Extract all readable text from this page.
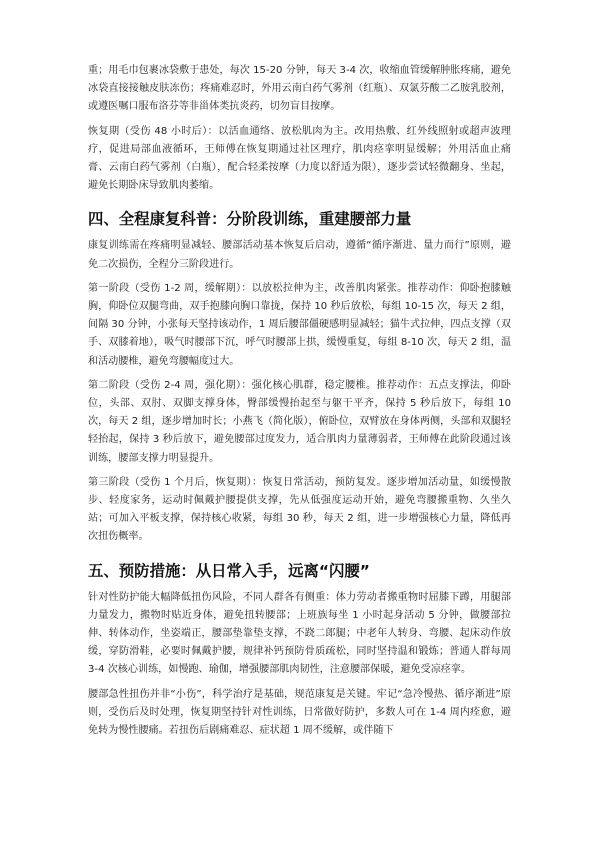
重；用毛巾包裹冰袋敷于患处，每次 15-20 分钟，每天 3-4 次，收缩血管缓解肿胀疼痛，避免冰袋直接接触皮肤冻伤；疼痛难忍时，外用云南白药气雾剂（红瓶）、双氯芬酸二乙胺乳胶剂，或遵医嘱口服布洛芬等非甾体类抗炎药，切勿盲目按摩。

恢复期（受伤 48 小时后）：以活血通络、放松肌肉为主。改用热敷、红外线照射或超声波理疗，促进局部血液循环，王师傅在恢复期通过社区理疗，肌肉痉挛明显缓解；外用活血止痛膏、云南白药气雾剂（白瓶），配合轻柔按摩（力度以舒适为限），逐步尝试轻微翻身、坐起，避免长期卧床导致肌肉萎缩。

四、全程康复科普：分阶段训练，重建腰部力量

康复训练需在疼痛明显减轻、腰部活动基本恢复后启动，遵循“循序渐进、量力而行”原则，避免二次损伤，全程分三阶段进行。

第一阶段（受伤 1-2 周，缓解期）：以放松拉伸为主，改善肌肉紧张。推荐动作：仰卧抱膝触胸，仰卧位双腿弯曲，双手抱膝向胸口靠拢，保持 10 秒后放松，每组 10-15 次，每天 2 组，间隔 30 分钟，小张每天坚持该动作，1 周后腰部僵硬感明显减轻；猫牛式拉伸，四点支撑（双手、双膝着地），吸气时腰部下沉，呼气时腰部上拱，缓慢重复，每组 8-10 次，每天 2 组，温和活动腰椎，避免弯腰幅度过大。

第二阶段（受伤 2-4 周，强化期）：强化核心肌群，稳定腰椎。推荐动作：五点支撑法，仰卧位，头部、双肘、双脚支撑身体，臀部缓慢抬起至与躯干平齐，保持 5 秒后放下，每组 10 次，每天 2 组，逐步增加时长；小燕飞（简化版），俯卧位，双臂放在身体两侧，头部和双腿轻轻抬起，保持 3 秒后放下，避免腰部过度发力，适合肌肉力量薄弱者，王师傅在此阶段通过该训练，腰部支撑力明显提升。

第三阶段（受伤 1 个月后，恢复期）：恢复日常活动，预防复发。逐步增加活动量，如缓慢散步、轻度家务，运动时佩戴护腰提供支撑，先从低强度运动开始，避免弯腰搬重物、久坐久站；可加入平板支撑，保持核心收紧，每组 30 秒，每天 2 组，进一步增强核心力量，降低再次扭伤概率。

五、预防措施：从日常入手，远离“闪腰”

针对性防护能大幅降低扭伤风险，不同人群各有侧重：体力劳动者搬重物时屈膝下蹲，用腿部力量发力，搬物时贴近身体，避免扭转腰部；上班族每坐 1 小时起身活动 5 分钟，做腰部拉伸、转体动作，坐姿端正，腰部垫靠垫支撑，不跷二郎腿；中老年人转身、弯腰、起床动作放缓，穿防滑鞋，必要时佩戴护腰，规律补钙预防骨质疏松，同时坚持温和锻炼；普通人群每周 3-4 次核心训练，如慢跑、瑜伽，增强腰部肌肉韧性，注意腰部保暖，避免受凉痉挛。

腰部急性扭伤并非“小伤”，科学治疗是基础，规范康复是关键。牢记“急冷慢热、循序渐进”原则，受伤后及时处理，恢复期坚持针对性训练，日常做好防护，多数人可在 1-4 周内痊愈，避免转为慢性腰痛。若扭伤后剧痛难忍、症状超 1 周不缓解，或伴随下
